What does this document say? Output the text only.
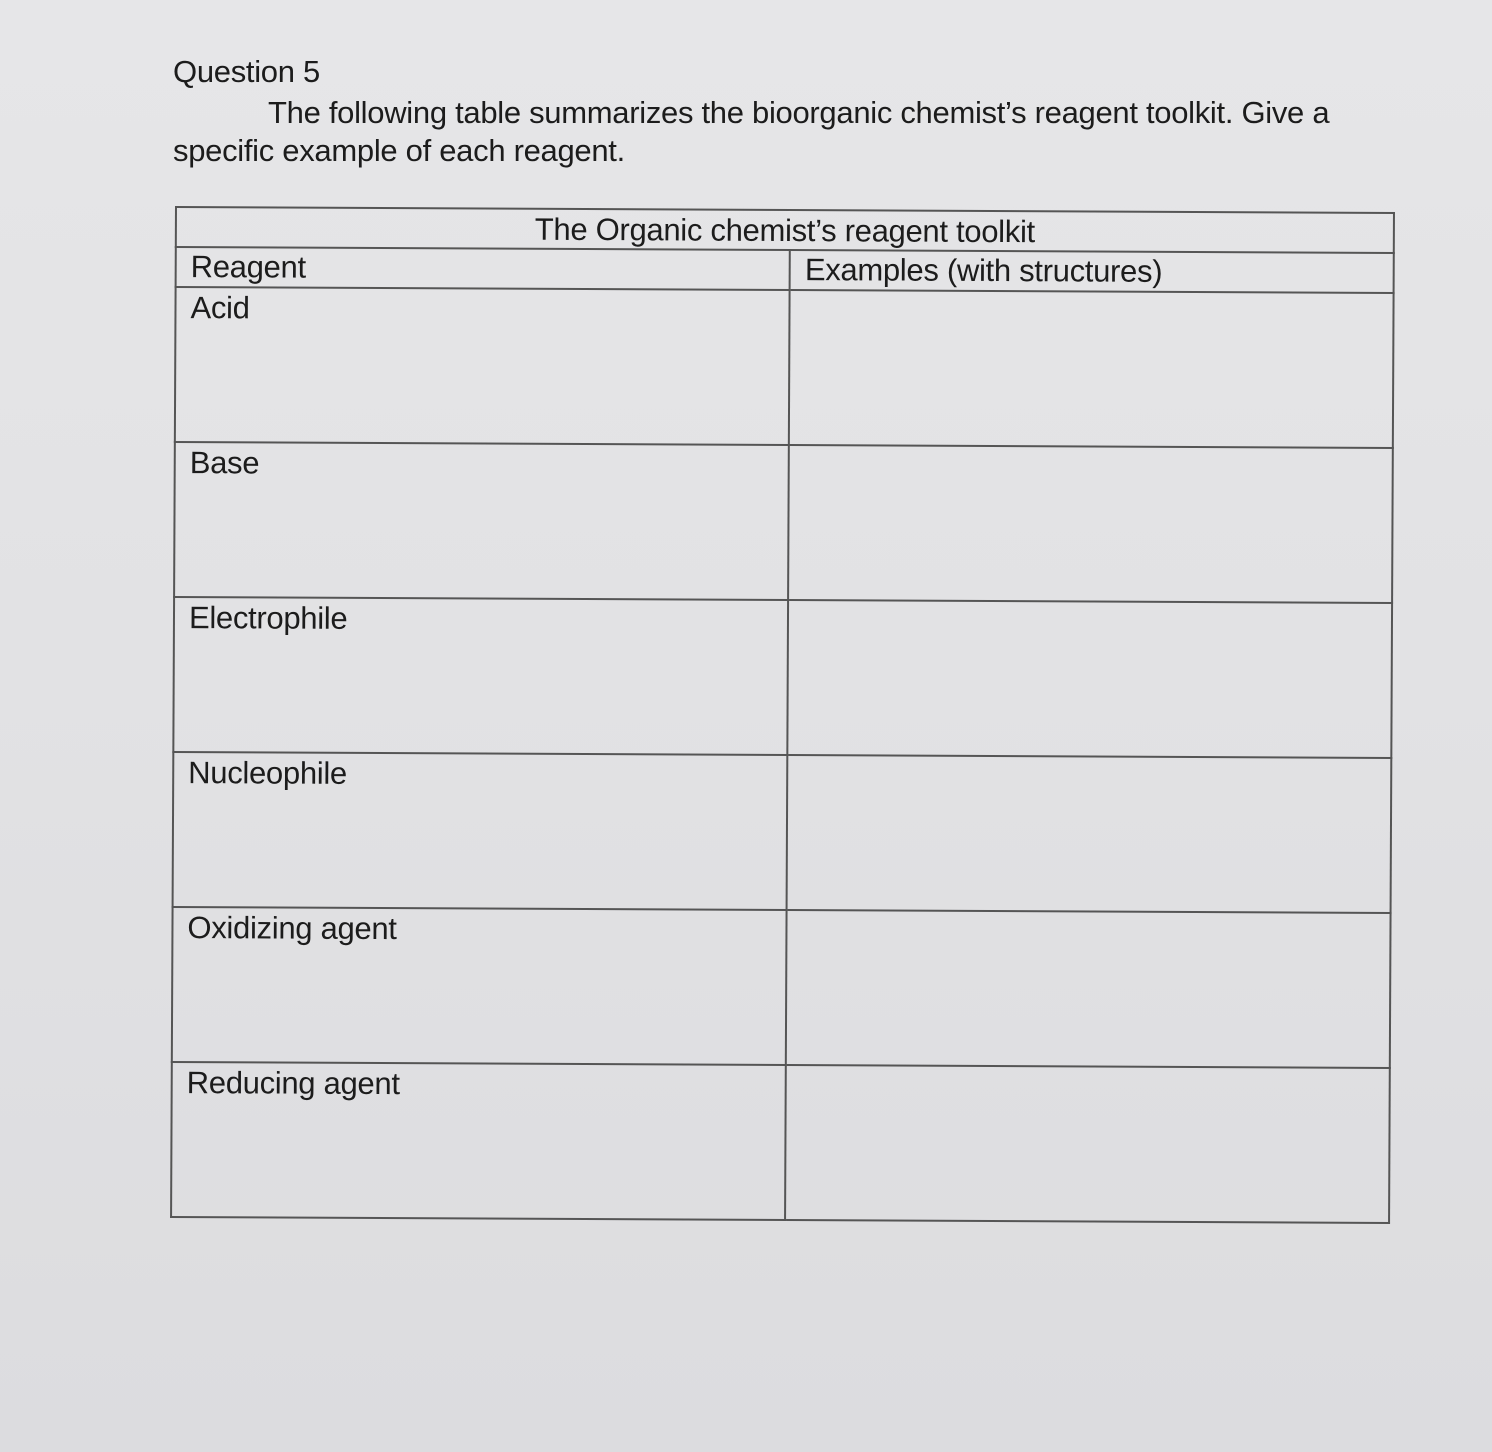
Question 5

The following table summarizes the bioorganic chemist’s reagent toolkit. Give a specific example of each reagent.

The Organic chemist’s reagent toolkit	
Reagent	Examples (with structures)
Acid	
Base	
Electrophile	
Nucleophile	
Oxidizing agent	
Reducing agent	
